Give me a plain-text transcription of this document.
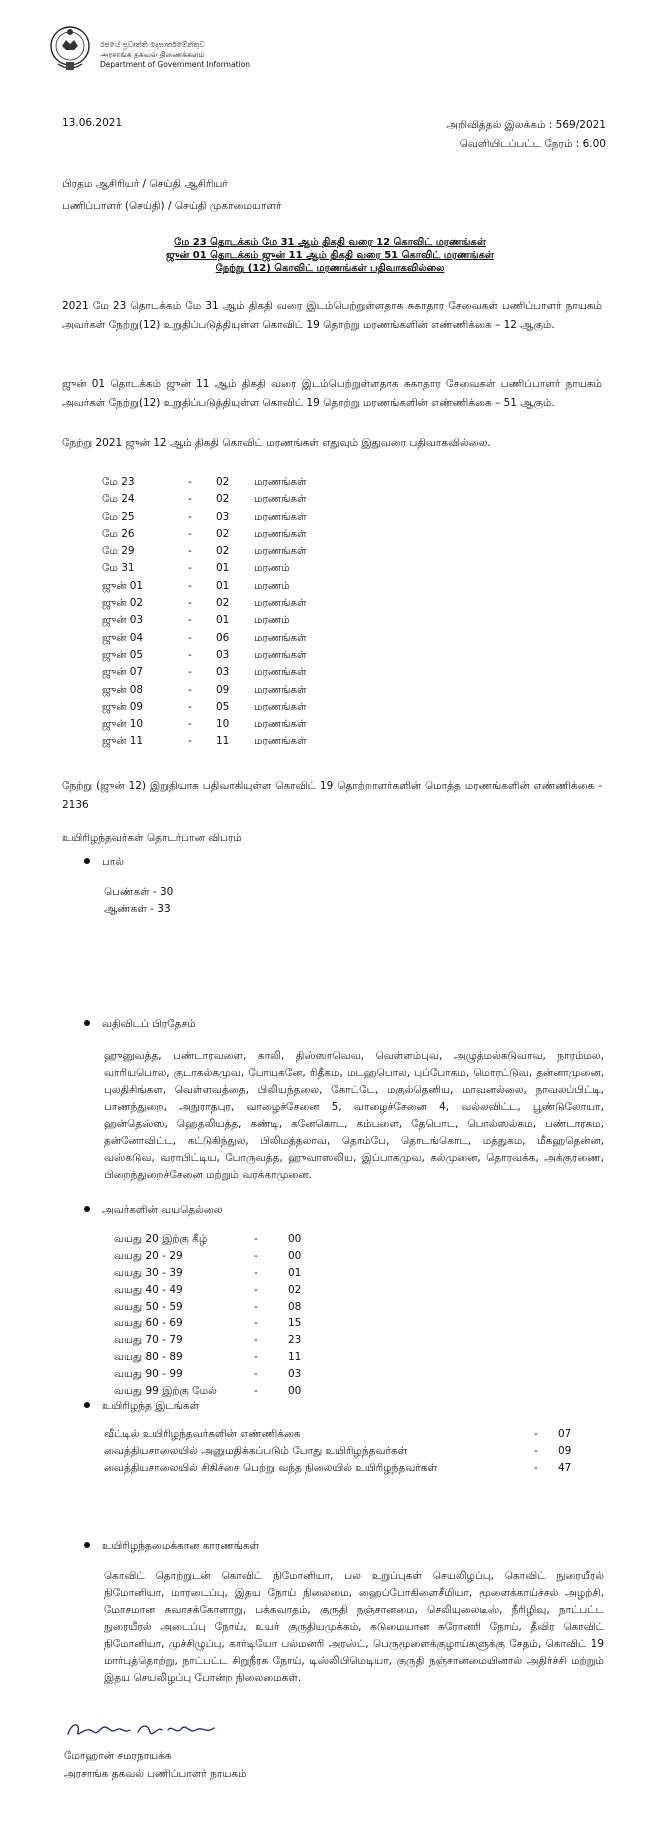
රජයේ ප්‍රවෘත්ති දෙපාර්තමේන්තුව
அரசாங்க தகவல் திணைக்களம்
Department of Government Information
13.06.2021	அறிவித்தல் இலக்கம் : 569/2021
வெளியிடப்பட்ட நேரம் : 6.00
பிரதம ஆசிரியர் / செய்தி ஆசிரியர்
பணிப்பாளர் (செய்தி) / செய்தி முகாமையாளர்
மே 23 தொடக்கம் மே 31 ஆம் திகதி வரை 12 கொவிட் மரணங்கள்
ஜுன் 01 தொடக்கம் ஜுன் 11 ஆம் திகதி வரை 51 கொவிட் மரணங்கள்
நேற்று (12) கொவிட் மரணங்கள் பதிவாகவில்லை
2021 மே 23 தொடக்கம் மே 31 ஆம் திகதி வரை இடம்பெற்றுள்ளதாக சுகாதார சேவைகள் பணிப்பாளர் நாயகம் அவர்கள் நேற்று(12) உறுதிப்படுத்தியுள்ள கொவிட் 19 தொற்று மரணங்களின் எண்ணிக்கை – 12 ஆகும்.
ஜுன் 01 தொடக்கம் ஜுன் 11 ஆம் திகதி வரை இடம்பெற்றுள்ளதாக சுகாதார சேவைகள் பணிப்பாளர் நாயகம் அவர்கள் நேற்று(12) உறுதிப்படுத்தியுள்ள கொவிட் 19 தொற்று மரணங்களின் எண்ணிக்கை – 51 ஆகும்.
நேற்று 2021 ஜுன் 12 ஆம் திகதி கொவிட் மரணங்கள் எதுவும் இதுவரை பதிவாகவில்லை.
மே 23	- 02 மரணங்கள்
மே 24	- 02 மரணங்கள்
மே 25	- 03 மரணங்கள்
மே 26	- 02 மரணங்கள்
மே 29	- 02 மரணங்கள்
மே 31	- 01 மரணம்
ஜுன் 01	- 01 மரணம்
ஜுன் 02	- 02 மரணங்கள்
ஜுன் 03	- 01 மரணம்
ஜுன் 04	- 06 மரணங்கள்
ஜுன் 05	- 03 மரணங்கள்
ஜுன் 07	- 03 மரணங்கள்
ஜுன் 08	- 09 மரணங்கள்
ஜுன் 09	- 05 மரணங்கள்
ஜுன் 10	- 10 மரணங்கள்
ஜுன் 11	- 11 மரணங்கள்
நேற்று (ஜுன் 12) இறுதியாக பதிவாகியுள்ள கொவிட் 19 தொற்றாளர்களின் மொத்த மரணங்களின் எண்ணிக்கை - 2136
உயிரிழந்தவர்கள் தொடர்பான விபரம்
பால்
பெண்கள் - 30
ஆண்கள் - 33
வதிவிடப் பிரதேசம்
ஹுனுவத்த, பண்டாரவளை, காலி, திஸ்ஸாவெவ, வெள்ளம்புவ, அழுத்மல்கடுவாவ, நாரம்மல, வாரியபொல, குடாகல்கமுவ, போயகனே, ரிதீகம, மடஹபொல, புப்போகம, மொரட்டுவ, தன்னாமுனை, புலதிசிங்கள, வெள்ளவத்தை, பிலியந்தலை, கோட்டே, மகுல்தெனிய, மாவனல்லை, நாவலப்பிட்டி, பாணந்துறை, அநுராதபுர, வாழைச்சேனை 5, வாழைச்சேனை 4, வல்லவிட்ட, பூண்டுலோயா, ஹன்தெஸ்ஸ, ஹெதலியத்த, கண்டி, கனேகொட, கம்பளை, தேபொட, பொல்ஸல்கம, பண்டாரகம, தன்னோவிட்ட, கட்டுகிந்துல, பிலிமத்தலாவ, தொம்பே, தொடங்கொட, மத்துகம, மீகஹதென்ன, வஸ்கடுவ, வராபிட்டிய, போருவத்த, ஹுவாஸலிய, இப்பாகமுவ, கல்முனை, தொரவக்க, அக்குரணை, பிறைந்துறைச்சேனை மற்றும் வரக்காமுனை.
அவர்களின் வயதெல்லை
வயது 20 இற்கு கீழ்	-	00
வயது 20 - 29	-	00
வயது 30 - 39	-	01
வயது 40 - 49	-	02
வயது 50 - 59	-	08
வயது 60 - 69	-	15
வயது 70 - 79	-	23
வயது 80 - 89	-	11
வயது 90 - 99	-	03
வயது 99 இற்கு மேல்	-	00
உயிரிழந்த இடங்கள்
வீட்டில் உயிரிழந்தவர்களின் எண்ணிக்கை	- 07
வைத்தியசாலையில் அனுமதிக்கப்படும் போது உயிரிழந்தவர்கள்	- 09
வைத்தியசாலையில் சிகிச்சை பெற்று வந்த நிலையில் உயிரிழந்தவர்கள்	- 47
உயிரிழந்தமைக்கான காரணங்கள்
கொவிட் தொற்றுடன் கொவிட் நிமோனியா, பல உறுப்புகள் செயலிழப்பு, கொவிட் நுரையீரல் நிமோனியா, மாரடைப்பு, இதய நோய் நிலைமை, ஹைப்போகிளைசீமியா, மூளைக்காய்ச்சல் அழற்சி, மோசமான சுவாசக்கோளாறு, பக்கவாதம், குருதி நஞ்சானமை, செலியுலைடீஸ், நீரிழிவு, நாட்பட்ட நுரையீரல் அடைப்பு நோய், உயர் குருதியமுக்கம், கடுமையான சுரோனரி நோய், தீவிர கொவிட் நிமோனியா, முச்சிழுப்பு, கார்டியோ பல்மனரி அரஸ்ட், பெருமூளைக்குழாய்களுக்கு சேதம், கொவிட் 19 மார்புத்தொற்று, நாட்பட்ட சிறுநீரக நோய், டிஸ்லிபிமெடியா, குருதி நஞ்சானமையினால் அதிர்ச்சி மற்றும் இதய செயலிழப்பு போன்ற நிலைமைகள்.
மோஹான் சமரநாயக்க
அரசாங்க தகவல் பணிப்பாளர் நாயகம்
